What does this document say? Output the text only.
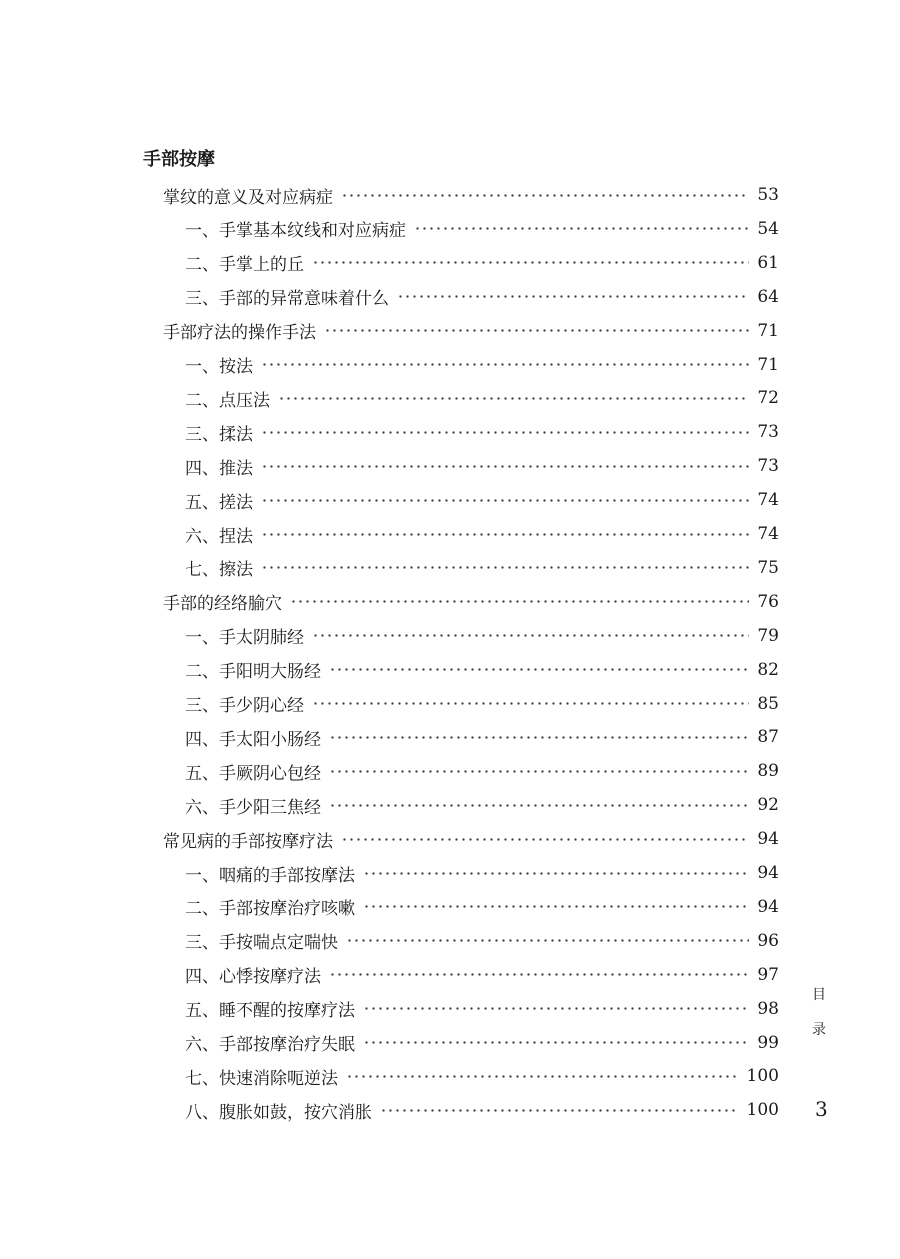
手部按摩
掌纹的意义及对应病症	53
一、手掌基本纹线和对应病症	54
二、手掌上的丘	61
三、手部的异常意味着什么	64
手部疗法的操作手法	71
一、按法	71
二、点压法	72
三、揉法	73
四、推法	73
五、搓法	74
六、捏法	74
七、擦法	75
手部的经络腧穴	76
一、手太阴肺经	79
二、手阳明大肠经	82
三、手少阴心经	85
四、手太阳小肠经	87
五、手厥阴心包经	89
六、手少阳三焦经	92
常见病的手部按摩疗法	94
一、咽痛的手部按摩法	94
二、手部按摩治疗咳嗽	94
三、手按喘点定喘快	96
四、心悸按摩疗法	97
五、睡不醒的按摩疗法	98
六、手部按摩治疗失眠	99
七、快速消除呃逆法	100
八、腹胀如鼓，按穴消胀	100
目
录
3
